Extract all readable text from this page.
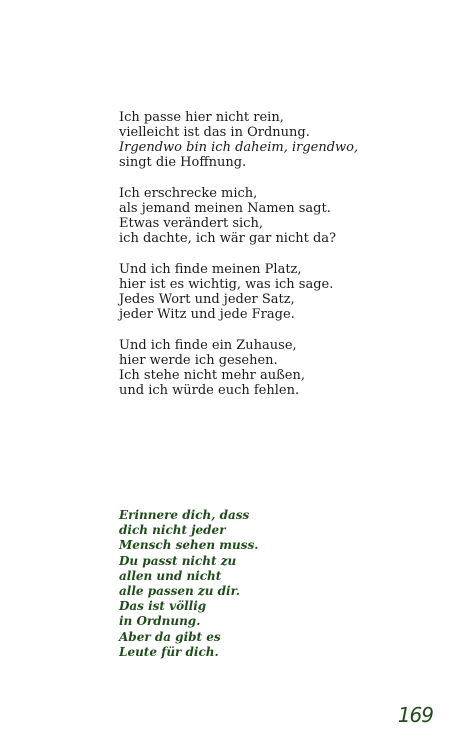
Ich passe hier nicht rein,
vielleicht ist das in Ordnung.
Irgendwo bin ich daheim, irgendwo,
singt die Hoffnung.
Ich erschrecke mich,
als jemand meinen Namen sagt.
Etwas verändert sich,
ich dachte, ich wär gar nicht da?
Und ich finde meinen Platz,
hier ist es wichtig, was ich sage.
Jedes Wort und jeder Satz,
jeder Witz und jede Frage.
Und ich finde ein Zuhause,
hier werde ich gesehen.
Ich stehe nicht mehr außen,
und ich würde euch fehlen.
Erinnere dich, dass
dich nicht jeder
Mensch sehen muss.
Du passt nicht zu
allen und nicht
alle passen zu dir.
Das ist völlig
in Ordnung.
Aber da gibt es
Leute für dich.
169
